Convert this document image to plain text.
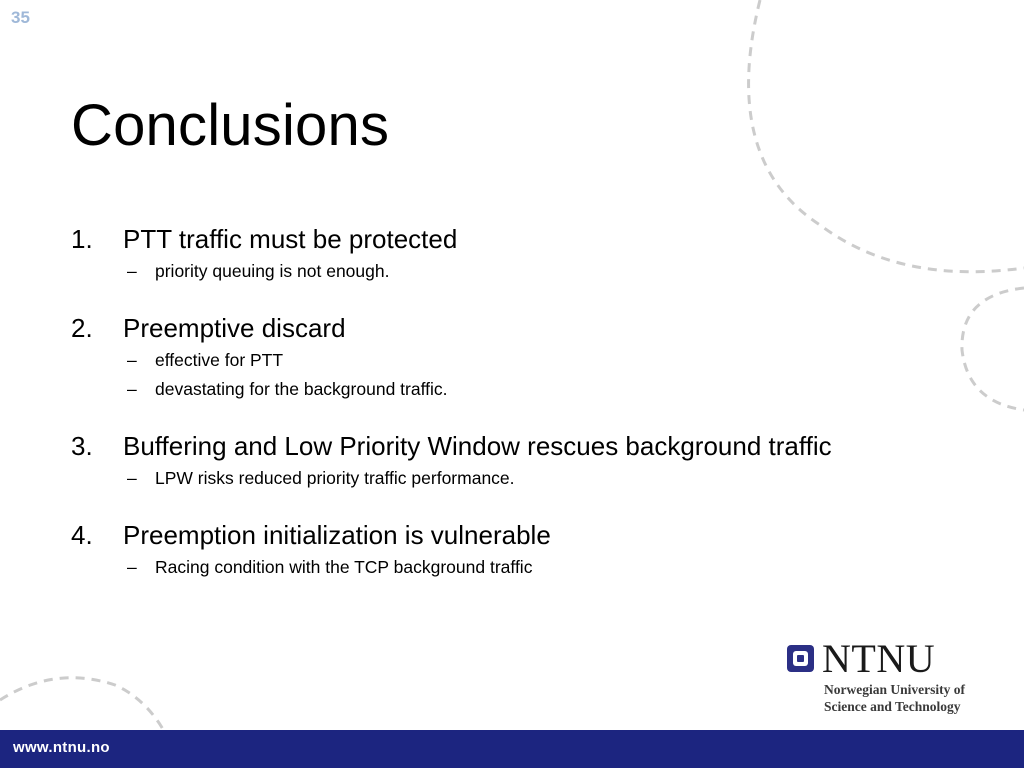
35
Conclusions
1. PTT traffic must be protected
– priority queuing is not enough.
2. Preemptive discard
– effective for PTT
– devastating for the background traffic.
3. Buffering and Low Priority Window rescues background traffic
– LPW risks reduced priority traffic performance.
4. Preemption initialization is vulnerable
– Racing condition with the TCP background traffic
NTNU
Norwegian University of
Science and Technology
www.ntnu.no
